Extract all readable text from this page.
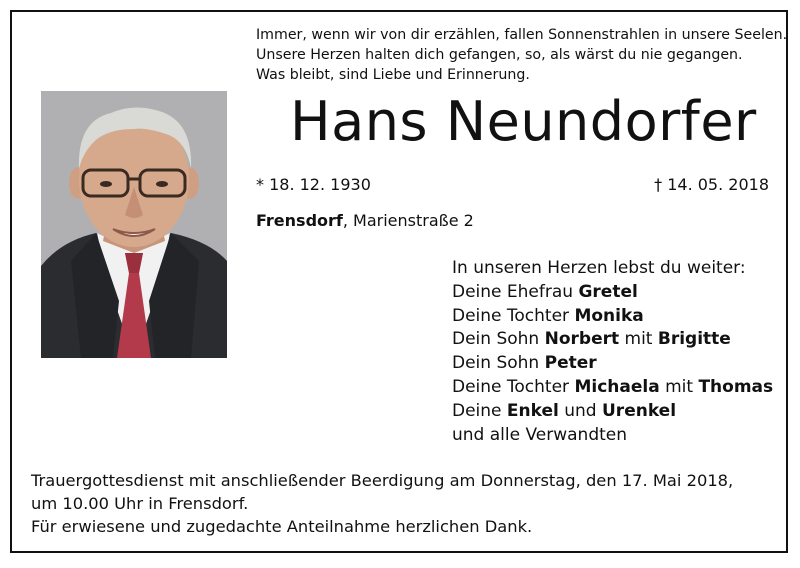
Immer, wenn wir von dir erzählen, fallen Sonnenstrahlen in unsere Seelen.
Unsere Herzen halten dich gefangen, so, als wärst du nie gegangen.
Was bleibt, sind Liebe und Erinnerung.
Hans Neundorfer
* 18. 12. 1930	† 14. 05. 2018
Frensdorf, Marienstraße 2
In unseren Herzen lebst du weiter:
Deine Ehefrau Gretel
Deine Tochter Monika
Dein Sohn Norbert mit Brigitte
Dein Sohn Peter
Deine Tochter Michaela mit Thomas
Deine Enkel und Urenkel
und alle Verwandten
Trauergottesdienst mit anschließender Beerdigung am Donnerstag, den 17. Mai 2018,
um 10.00 Uhr in Frensdorf.
Für erwiesene und zugedachte Anteilnahme herzlichen Dank.
